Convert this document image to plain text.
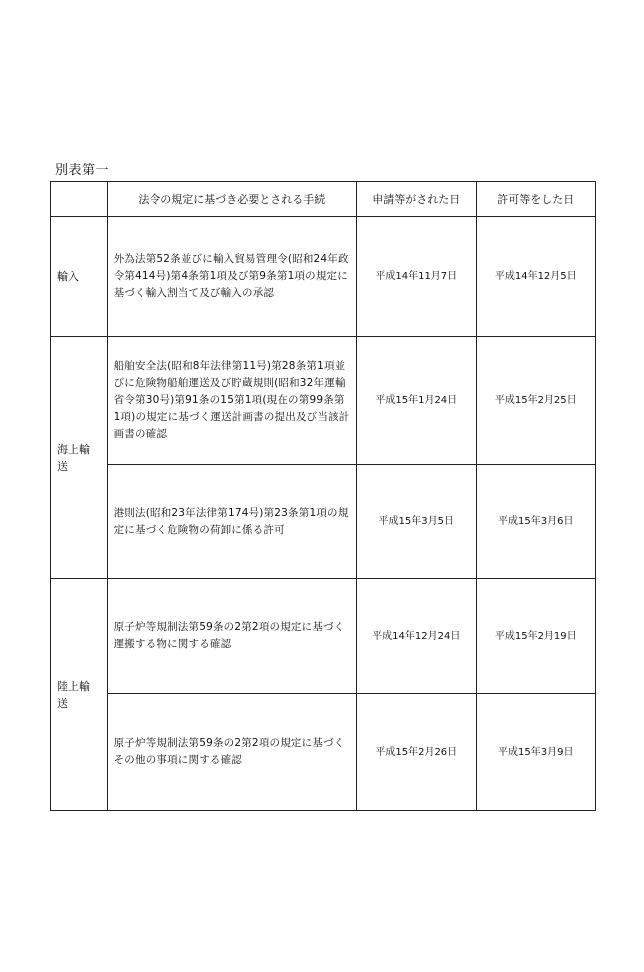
別表第一
	法令の規定に基づき必要とされる手続	申請等がされた日	許可等をした日
輸入	外為法第52条並びに輸入貿易管理令(昭和24年政令第414号)第4条第1項及び第9条第1項の規定に基づく輸入割当て及び輸入の承認	平成14年11月7日	平成14年12月5日
海上輸送	船舶安全法(昭和8年法律第11号)第28条第1項並びに危険物船舶運送及び貯蔵規則(昭和32年運輸省令第30号)第91条の15第1項(現在の第99条第1項)の規定に基づく運送計画書の提出及び当該計画書の確認	平成15年1月24日	平成15年2月25日
	港則法(昭和23年法律第174号)第23条第1項の規定に基づく危険物の荷卸に係る許可	平成15年3月5日	平成15年3月6日
陸上輸送	原子炉等規制法第59条の2第2項の規定に基づく運搬する物に関する確認	平成14年12月24日	平成15年2月19日
	原子炉等規制法第59条の2第2項の規定に基づくその他の事項に関する確認	平成15年2月26日	平成15年3月9日
